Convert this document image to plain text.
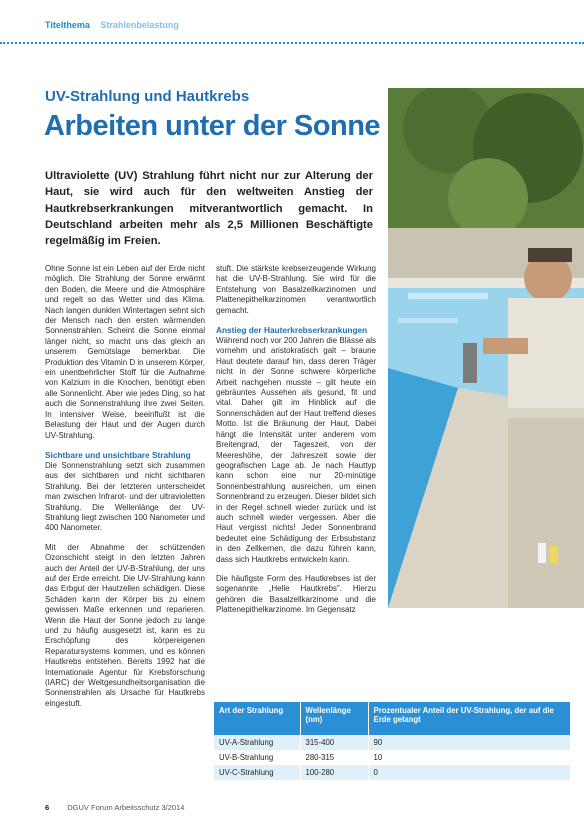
Titelthema Strahlenbelastung
UV-Strahlung und Hautkrebs
Arbeiten unter der Sonne

Ultraviolette (UV) Strahlung führt nicht nur zur Alterung der Haut, sie wird auch für den weltweiten Anstieg der Hautkrebserkrankungen mitverantwortlich gemacht. In Deutschland arbeiten mehr als 2,5 Millionen Beschäftigte regelmäßig im Freien.

Ohne Sonne ist ein Leben auf der Erde nicht möglich. Die Strahlung der Sonne erwärmt den Boden, die Meere und die Atmosphäre und regelt so das Wetter und das Klima. Nach langen dunklen Wintertagen sehnt sich der Mensch nach den ersten wärmenden Sonnenstrahlen. Scheint die Sonne einmal länger nicht, so macht uns das gleich an unserem Gemütslage bemerkbar. Die Produktion des Vitamin D in unserem Körper, ein unentbehrlicher Stoff für die Aufnahme von Kalzium in die Knochen, benötigt eben alle Sonnenlicht. Aber wie jedes Ding, so hat auch die Sonnenstrahlung ihre zwei Seiten. In intensiver Weise, beeinflußt ist die Belastung der Haut und der Augen durch UV-Strahlung.

Sichtbare und unsichtbare Strahlung

Die Sonnenstrahlung setzt sich zusammen aus der sichtbaren und nicht sichtbaren Strahlung. Bei der letzteren unterscheidet man zwischen Infrarot- und der ultravioletten Strahlung. Die Wellenlänge der UV-Strahlung liegt zwischen 100 Nanometer und 400 Nanometer.

Mit der Abnahme der schützenden Ozonschicht steigt in den letzten Jahren auch der Anteil der UV-B-Strahlung, der uns auf der Erde erreicht. Die UV-Strahlung kann das Erbgut der Hautzellen schädigen. Diese Schäden kann der Körper bis zu einem gewissen Maße erkennen und reparieren. Wenn die Haut der Sonne jedoch zu lange und zu häufig ausgesetzt ist, kann es zu Erschöpfung des körpereigenen Reparatursystems kommen, und es können Hautkrebs entstehen. Bereits 1992 hat die Internationale Agentur für Krebsforschung (IARC) der Weltgesundheitsorganisation die Sonnenstrahlen als Ursache für Hautkrebs eingestuft.

stuft. Die stärkste krebserzeugende Wirkung hat die UV-B-Strahlung. Sie wird für die Entstehung von Basalzellkarzinomen und Plattenepithelkarzinomen verantwortlich gemacht.

Anstieg der Hauterkrebserkrankungen

Während noch vor 200 Jahren die Blässe als vornehm und aristokratisch galt – braune Haut deutete darauf hin, dass deren Träger nicht in der Sonne schwere körperliche Arbeit nachgehen musste – gilt heute ein gebräuntes Aussehen als gesund, fit und vital. Daher gilt im Hinblick auf die Sonnenschäden auf der Haut treffend dieses Motto. Ist die Bräunung der Haut, Dabei hängt die Intensität unter anderem vom Breitengrad, der Tageszeit, von der Meereshöhe, der Jahreszeit sowie der geografischen Lage ab. Je nach Hauttyp kann schon eine nur 20-minütige Sonnenbestrahlung ausreichen, um einen Sonnenbrand zu erzeugen. Dieser bildet sich in der Regel schnell wieder zurück und ist auch schnell wieder vergessen. Aber die Haut vergisst nichts! Jeder Sonnenbrand bedeutet eine Schädigung der Erbsubstanz in den Zellkernen, die dazu führen kann, dass sich Hautkrebs entwickeln kann.

Die häufigste Form des Hautkrebses ist der sogenannte „Helle Hautkrebs". Hierzu gehören die Basalzellkarzinome und die Plattenepithelkarzinome. Im Gegensatz

Art der Strahlung	Wellenlänge (nm)	Prozentualer Anteil der UV-Strahlung, der auf die Erde gelangt
UV-A-Strahlung	315-400	90
UV-B-Strahlung	280-315	10
UV-C-Strahlung	100-280	0
6 DGUV Forum Arbeitsschutz 3/2014
